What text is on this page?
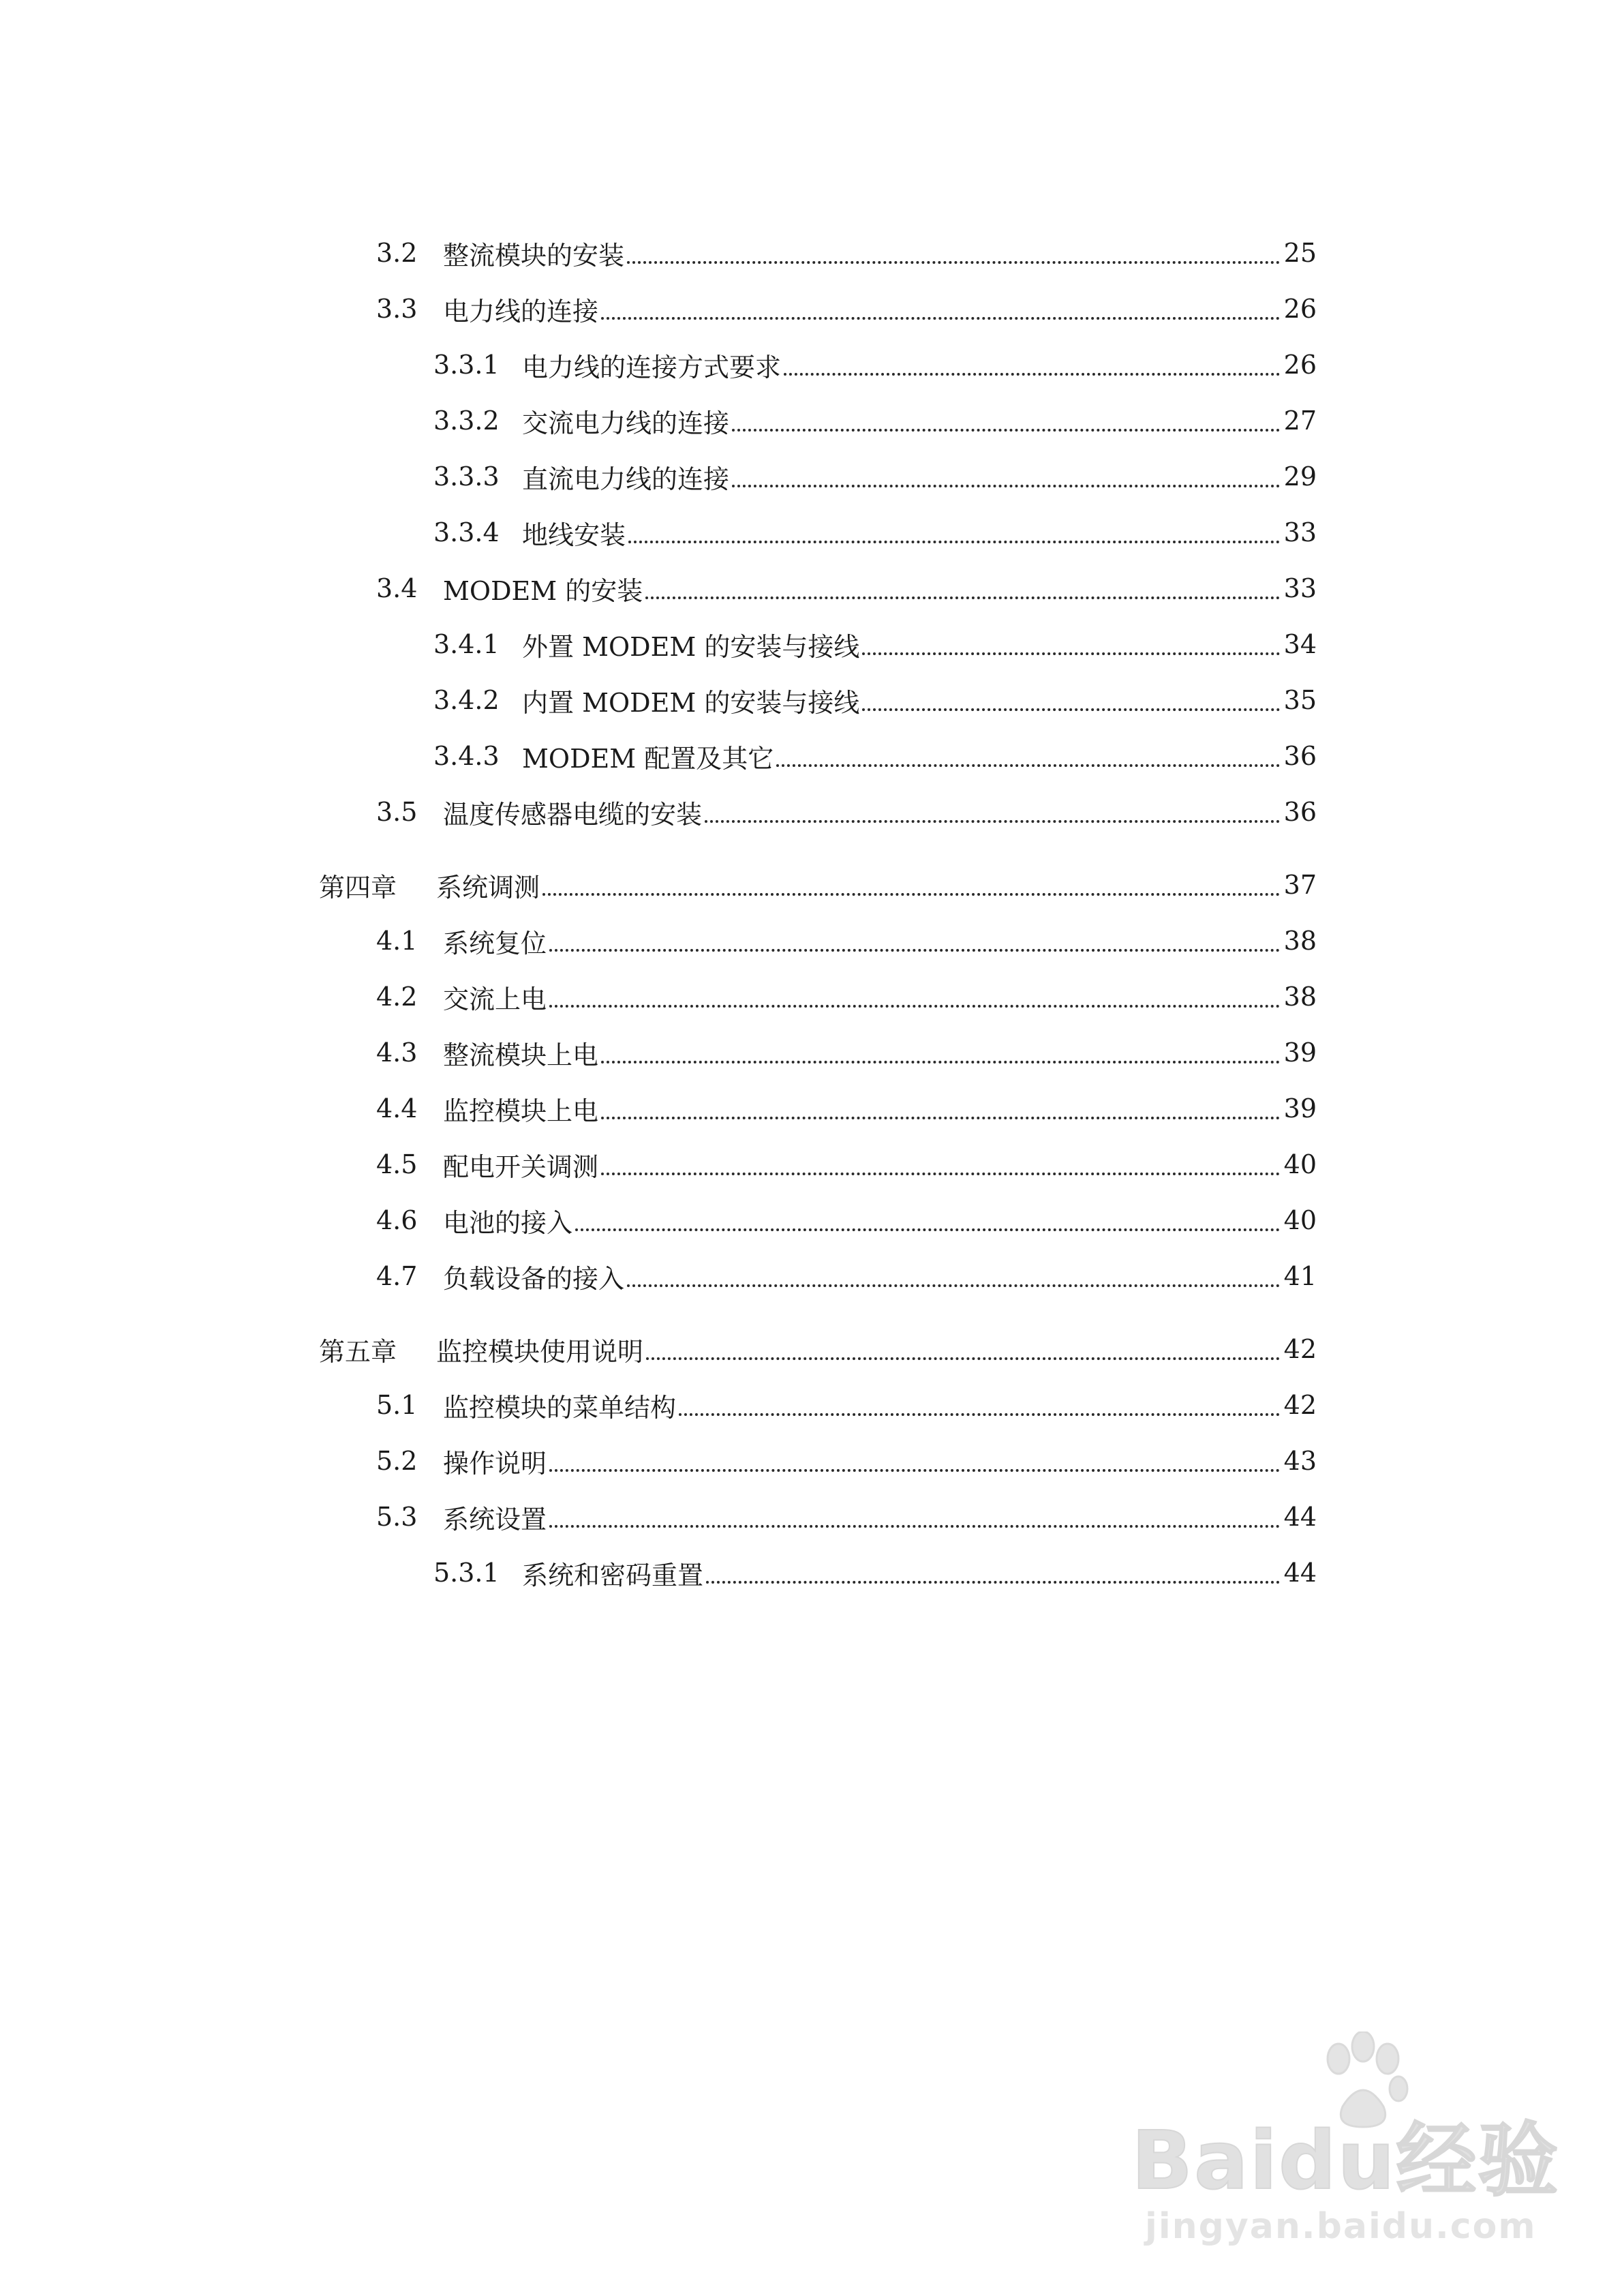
3.2 整流模块的安装	25
3.3 电力线的连接	26
3.3.1 电力线的连接方式要求	26
3.3.2 交流电力线的连接	27
3.3.3 直流电力线的连接	29
3.3.4 地线安装	33
3.4 MODEM 的安装	33
3.4.1 外置 MODEM 的安装与接线	34
3.4.2 内置 MODEM 的安装与接线	35
3.4.3 MODEM 配置及其它	36
3.5 温度传感器电缆的安装	36
第四章	系统调测	37
4.1 系统复位	38
4.2 交流上电	38
4.3 整流模块上电	39
4.4 监控模块上电	39
4.5 配电开关调测	40
4.6 电池的接入	40
4.7 负载设备的接入	41
第五章	监控模块使用说明	42
5.1 监控模块的菜单结构	42
5.2 操作说明	43
5.3 系统设置	44
5.3.1 系统和密码重置	44
Baidu经验
jingyan.baidu.com
